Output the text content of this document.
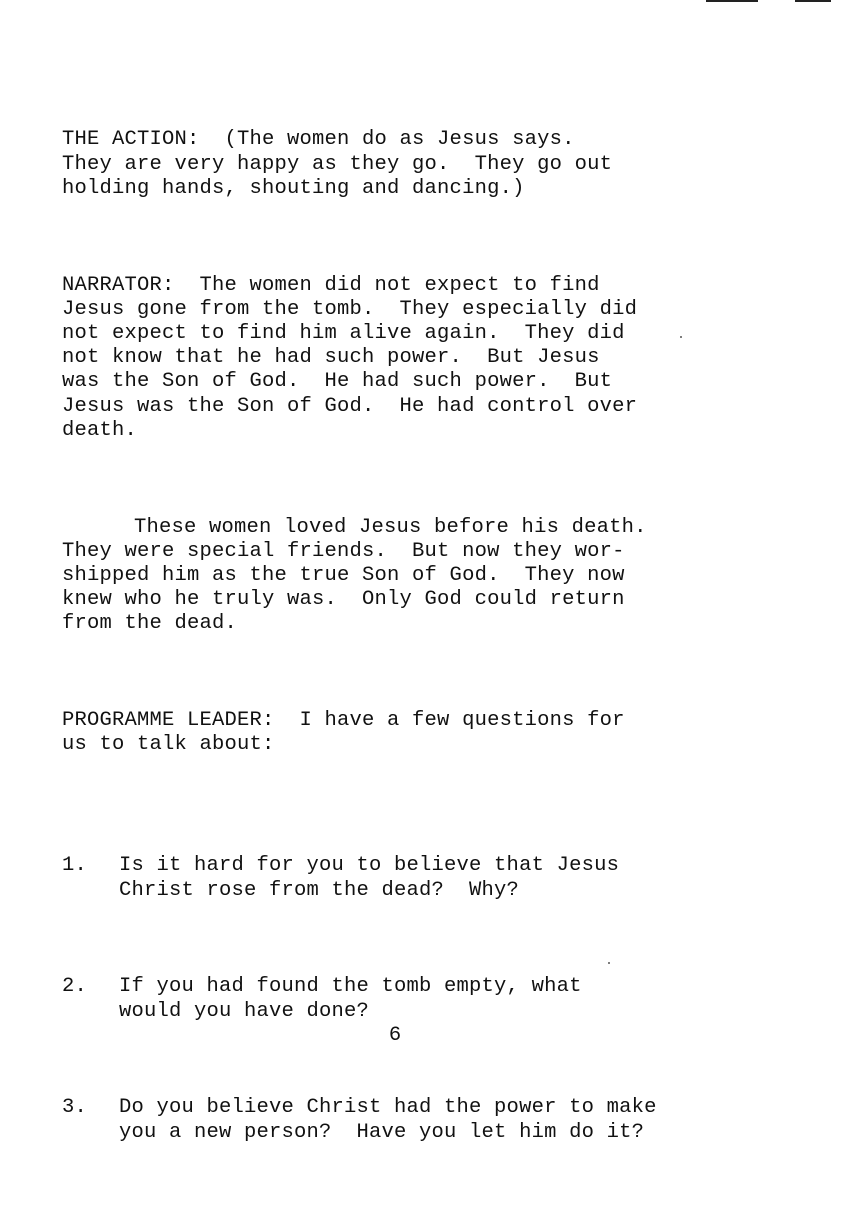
THE ACTION:  (The women do as Jesus says.
They are very happy as they go.  They go out
holding hands, shouting and dancing.)

NARRATOR:  The women did not expect to find
Jesus gone from the tomb.  They especially did
not expect to find him alive again.  They did
not know that he had such power.  But Jesus
was the Son of God.  He had such power.  But
Jesus was the Son of God.  He had control over
death.

These women loved Jesus before his death.
They were special friends.  But now they wor-
shipped him as the true Son of God.  They now
knew who he truly was.  Only God could return
from the dead.

PROGRAMME LEADER:  I have a few questions for
us to talk about:

1.	Is it hard for you to believe that Jesus
Christ rose from the dead?  Why?

2.	If you had found the tomb empty, what
would you have done?

3.	Do you believe Christ had the power to make
you a new person?  Have you let him do it?

6
